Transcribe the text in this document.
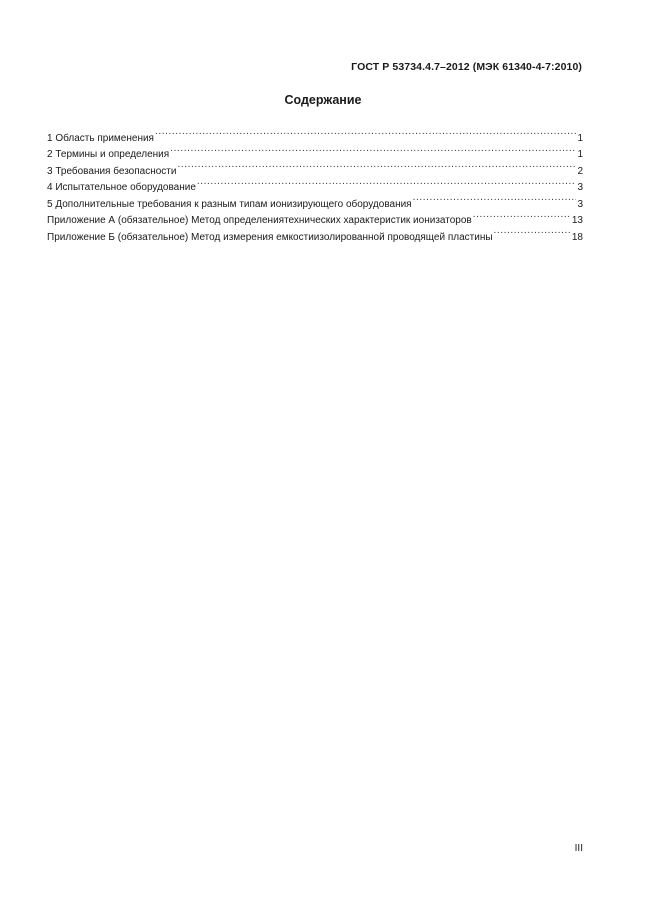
ГОСТ Р 53734.4.7–2012 (МЭК 61340-4-7:2010)
Содержание
1 Область применения .....	1
2 Термины и определения .....	1
3 Требования безопасности .....	2
4 Испытательное оборудование .....	3
5 Дополнительные требования к разным типам ионизирующего оборудования .....	3
Приложение А (обязательное) Метод определениятехнических характеристик ионизаторов .....	13
Приложение Б (обязательное) Метод измерения емкостиизолированной проводящей пластины .....	18
III
